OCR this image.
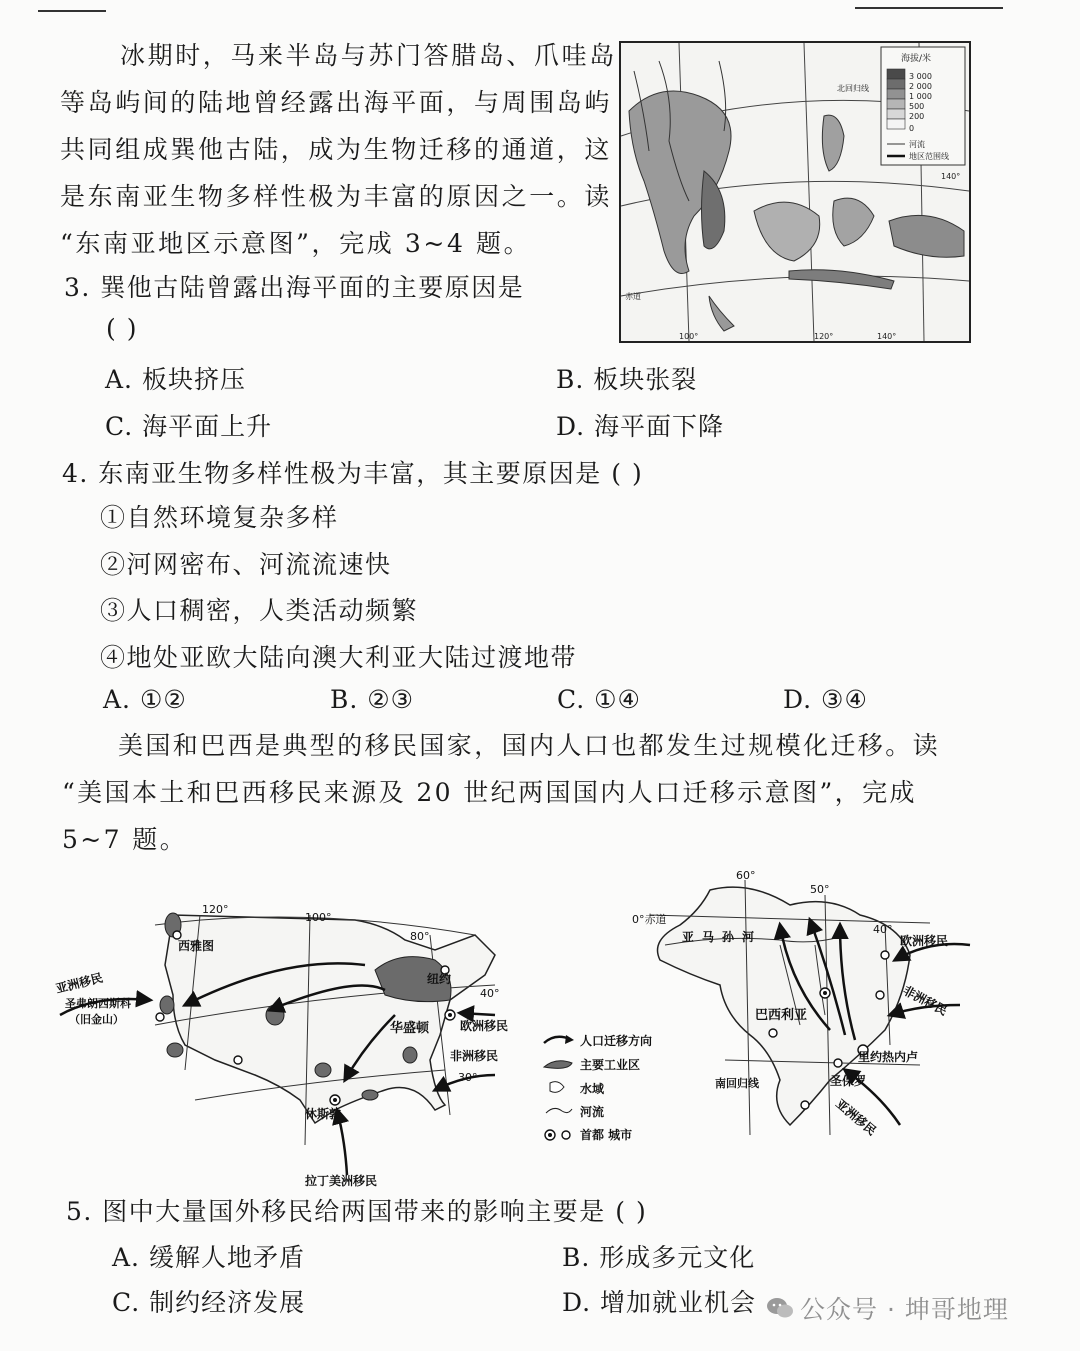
冰期时，马来半岛与苏门答腊岛、爪哇岛
等岛屿间的陆地曾经露出海平面，与周围岛屿
共同组成巽他古陆，成为生物迁移的通道，这
是东南亚生物多样性极为丰富的原因之一。读
“东南亚地区示意图”，完成 3~4 题。
海拔/米
3 000
2 000
1 000
500
200
0
河流
地区范围线
北回归线
赤道
100°	120°	140°
140°
3. 巽他古陆曾露出海平面的主要原因是
( )
A. 板块挤压	B. 板块张裂
C. 海平面上升	D. 海平面下降
4. 东南亚生物多样性极为丰富，其主要原因是 ( )
①自然环境复杂多样
②河网密布、河流流速快
③人口稠密，人类活动频繁
④地处亚欧大陆向澳大利亚大陆过渡地带
A. ①②	B. ②③	C. ①④	D. ③④
美国和巴西是典型的移民国家，国内人口也都发生过规模化迁移。读
“美国本土和巴西移民来源及 20 世纪两国国内人口迁移示意图”，完成
5~7 题。
120°
100°
80°
40°
30°
西雅图
圣弗朗西斯科
（旧金山）
纽约
华盛顿
休斯敦
亚洲移民
欧洲移民
非洲移民
拉丁美洲移民
人口迁移方向
主要工业区
水域
河流
首都 城市
60°
50°
40°
0°赤道
亚马孙河
巴西利亚
里约热内卢
圣保罗
南回归线
欧洲移民
非洲移民
亚洲移民
5. 图中大量国外移民给两国带来的影响主要是 ( )
A. 缓解人地矛盾	B. 形成多元文化
C. 制约经济发展	D. 增加就业机会 公众号 · 坤哥地理
